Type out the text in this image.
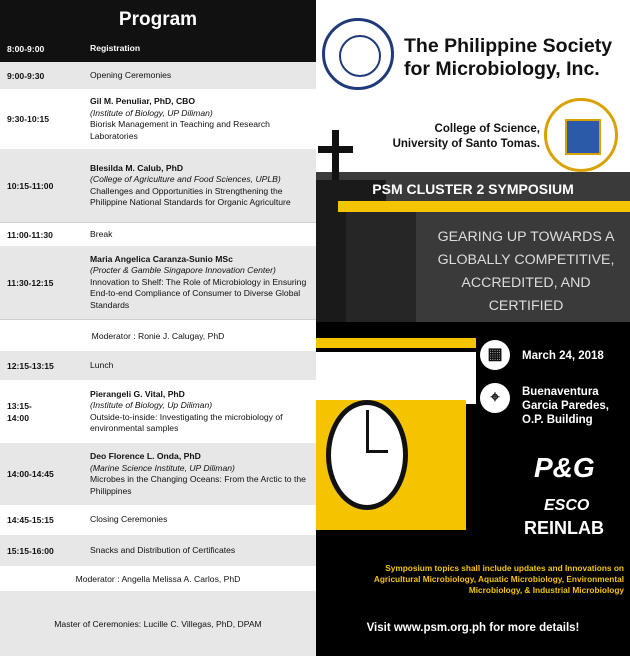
Program
8:00-9:00	Registration
9:00-9:30	Opening Ceremonies
9:30-10:15
Gil M. Penuliar, PhD, CBO
(Institute of Biology, UP Diliman)
Biorisk Management in Teaching and Research Laboratories
10:15-11:00
Blesilda M. Calub, PhD
(College of Agriculture and Food Sciences, UPLB)
Challenges and Opportunities in Strengthening the Philippine National Standards for Organic Agriculture
11:00-11:30	Break
11:30-12:15
Maria Angelica Caranza-Sunio MSc
(Procter & Gamble Singapore Innovation Center)
Innovation to Shelf: The Role of Microbiology in Ensuring End-to-end Compliance of Consumer to Diverse Global Standards
Moderator : Ronie J. Calugay, PhD
12:15-13:15	Lunch
13:15-
14:00
Pierangeli G. Vital, PhD
(Institute of Biology, Up Diliman)
Outside-to-inside: Investigating the microbiology of environmental samples
14:00-14:45
Deo Florence L. Onda, PhD
(Marine Science Institute, UP Diliman)
Microbes in the Changing Oceans: From the Arctic to the Philippines
14:45-15:15	Closing Ceremonies
15:15-16:00	Snacks and Distribution of Certificates
Moderator : Angella Melissa A. Carlos, PhD
Master of Ceremonies: Lucille C. Villegas, PhD, DPAM
The Philippine Society
for Microbiology, Inc.
College of Science,
University of Santo Tomas.
PSM CLUSTER 2 SYMPOSIUM
GEARING UP TOWARDS A
GLOBALLY COMPETITIVE,
ACCREDITED, AND CERTIFIED
▦	March 24, 2018
⌖	Buenaventura
Garcia Paredes,
O.P. Building
P&G
ESCO
REINLAB
Symposium topics shall include updates and Innovations on Agricultural Microbiology, Aquatic Microbiology, Environmental Microbiology, & Industrial Microbiology
Visit www.psm.org.ph for more details!
